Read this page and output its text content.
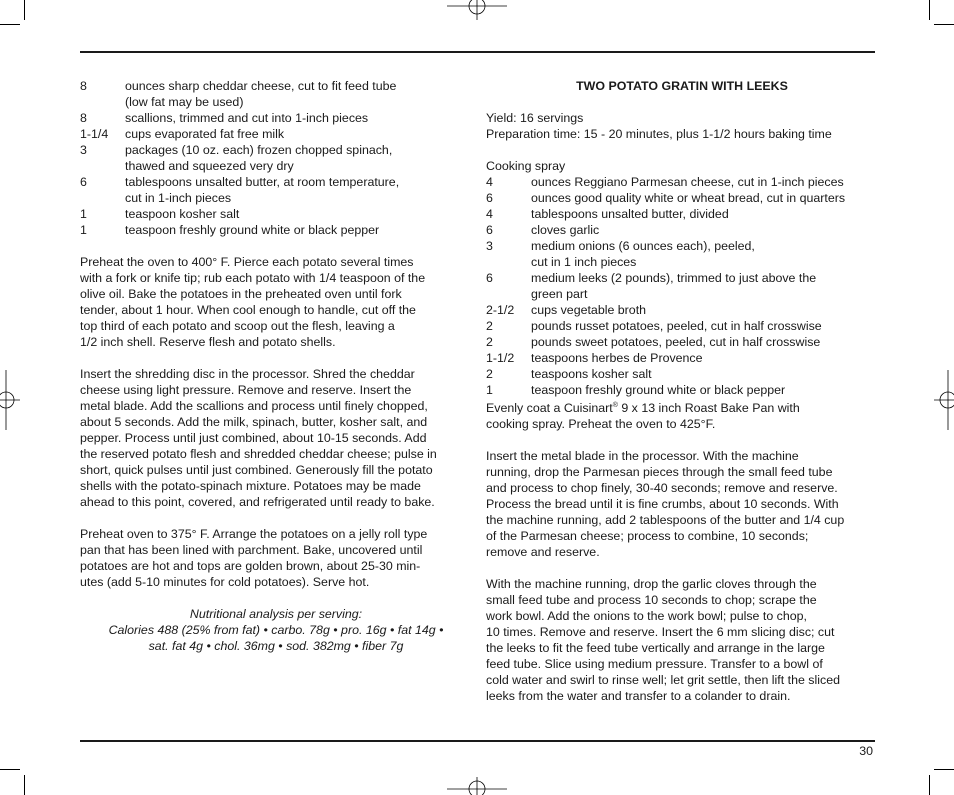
8	ounces sharp cheddar cheese, cut to fit feed tube

(low fat may be used)

8	scallions, trimmed and cut into 1-inch pieces

1-1/4	cups evaporated fat free milk

3	packages (10 oz. each) frozen chopped spinach,

thawed and squeezed very dry

6	tablespoons unsalted butter, at room temperature,

cut in 1-inch pieces

1	teaspoon kosher salt

1	teaspoon freshly ground white or black pepper

Preheat the oven to 400° F. Pierce each potato several times

with a fork or knife tip; rub each potato with 1/4 teaspoon of the

olive oil. Bake the potatoes in the preheated oven until fork

tender, about 1 hour. When cool enough to handle, cut off the

top third of each potato and scoop out the flesh, leaving a

1/2 inch shell. Reserve flesh and potato shells.

Insert the shredding disc in the processor. Shred the cheddar

cheese using light pressure. Remove and reserve. Insert the

metal blade. Add the scallions and process until finely chopped,

about 5 seconds. Add the milk, spinach, butter, kosher salt, and

pepper. Process until just combined, about 10-15 seconds. Add

the reserved potato flesh and shredded cheddar cheese; pulse in

short, quick pulses until just combined. Generously fill the potato

shells with the potato-spinach mixture. Potatoes may be made

ahead to this point, covered, and refrigerated until ready to bake.

Preheat oven to 375° F. Arrange the potatoes on a jelly roll type

pan that has been lined with parchment. Bake, uncovered until

potatoes are hot and tops are golden brown, about 25-30 min-

utes (add 5-10 minutes for cold potatoes). Serve hot.

Nutritional analysis per serving:

Calories 488 (25% from fat) • carbo. 78g • pro. 16g • fat 14g •

sat. fat 4g • chol. 36mg • sod. 382mg • fiber 7g

TWO POTATO GRATIN WITH LEEKS

Yield: 16 servings

Preparation time: 15 - 20 minutes, plus 1-1/2 hours baking time

Cooking spray

4	ounces Reggiano Parmesan cheese, cut in 1-inch pieces

6	ounces good quality white or wheat bread, cut in quarters

4	tablespoons unsalted butter, divided

6	cloves garlic

3	medium onions (6 ounces each), peeled,

cut in 1 inch pieces

6	medium leeks (2 pounds), trimmed to just above the

green part

2-1/2	cups vegetable broth

2	pounds russet potatoes, peeled, cut in half crosswise

2	pounds sweet potatoes, peeled, cut in half crosswise

1-1/2	teaspoons herbes de Provence

2	teaspoons kosher salt

1	teaspoon freshly ground white or black pepper

Evenly coat a Cuisinart® 9 x 13 inch Roast Bake Pan with

cooking spray. Preheat the oven to 425°F.

Insert the metal blade in the processor. With the machine

running, drop the Parmesan pieces through the small feed tube

and process to chop finely, 30-40 seconds; remove and reserve.

Process the bread until it is fine crumbs, about 10 seconds. With

the machine running, add 2 tablespoons of the butter and 1/4 cup

of the Parmesan cheese; process to combine, 10 seconds;

remove and reserve.

With the machine running, drop the garlic cloves through the

small feed tube and process 10 seconds to chop; scrape the

work bowl. Add the onions to the work bowl; pulse to chop,

10 times. Remove and reserve. Insert the 6 mm slicing disc; cut

the leeks to fit the feed tube vertically and arrange in the large

feed tube. Slice using medium pressure. Transfer to a bowl of

cold water and swirl to rinse well; let grit settle, then lift the sliced

leeks from the water and transfer to a colander to drain.

30
